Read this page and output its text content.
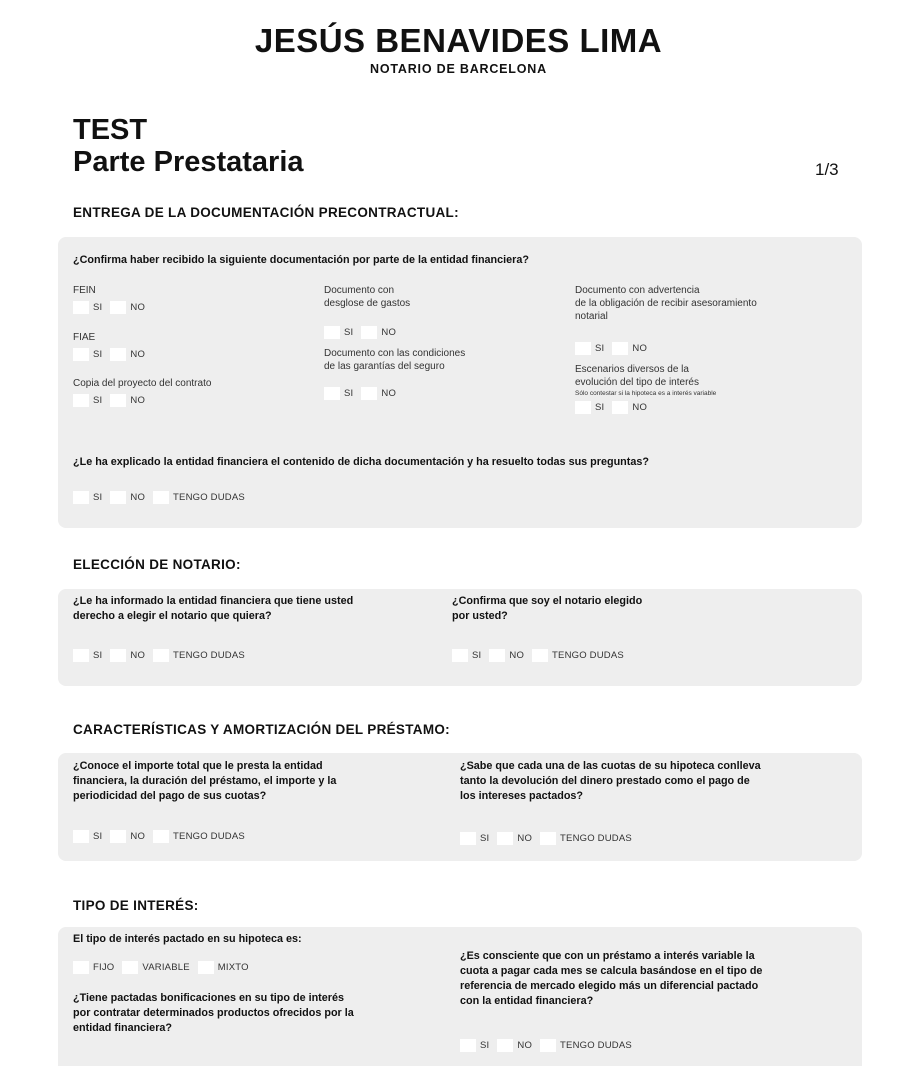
JESÚS BENAVIDES LIMA
NOTARIO DE BARCELONA
TEST
Parte Prestataria	1/3
ENTREGA DE LA DOCUMENTACIÓN PRECONTRACTUAL:
¿Confirma haber recibido la siguiente documentación por parte de la entidad financiera?
FEIN
SI	NO
FIAE
SI	NO
Copia del proyecto del contrato
SI	NO
Documento con
desglose de gastos
SI	NO
Documento con las condiciones
de las garantías del seguro
SI	NO
Documento con advertencia
de la obligación de recibir asesoramiento
notarial
SI	NO
Escenarios diversos de la
evolución del tipo de interés
Sólo contestar si la hipoteca es a interés variable
SI	NO
¿Le ha explicado la entidad financiera el contenido de dicha documentación y ha resuelto todas sus preguntas?
SI	NO	TENGO DUDAS
ELECCIÓN DE NOTARIO:
¿Le ha informado la entidad financiera que tiene usted
derecho a elegir el notario que quiera?
SI	NO	TENGO DUDAS
¿Confirma que soy el notario elegido
por usted?
SI	NO	TENGO DUDAS
CARACTERÍSTICAS Y AMORTIZACIÓN DEL PRÉSTAMO:
¿Conoce el importe total que le presta la entidad
financiera, la duración del préstamo, el importe y la
periodicidad del pago de sus cuotas?
SI	NO	TENGO DUDAS
¿Sabe que cada una de las cuotas de su hipoteca conlleva
tanto la devolución del dinero prestado como el pago de
los intereses pactados?
SI	NO	TENGO DUDAS
TIPO DE INTERÉS:
El tipo de interés pactado en su hipoteca es:
FIJO	VARIABLE	MIXTO
¿Tiene pactadas bonificaciones en su tipo de interés
por contratar determinados productos ofrecidos por la
entidad financiera?
¿Es consciente que con un préstamo a interés variable la
cuota a pagar cada mes se calcula basándose en el tipo de
referencia de mercado elegido más un diferencial pactado
con la entidad financiera?
SI	NO	TENGO DUDAS
